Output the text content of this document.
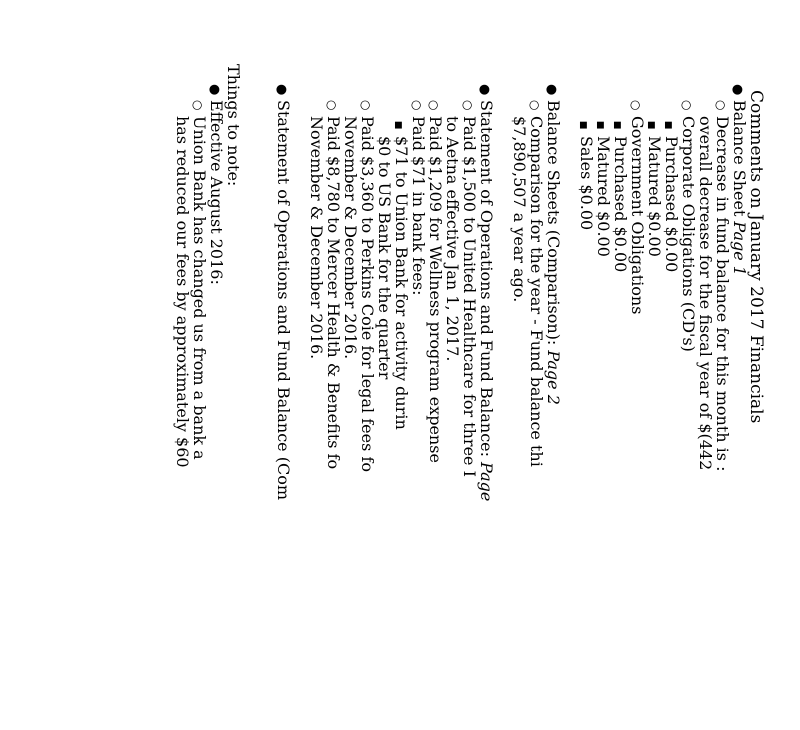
Comments on January 2017 Financials
●
Balance Sheet
Page 1
○
Decrease in fund balance for this month is :
overall decrease for the fiscal year of $(442
○
Corporate Obligations (CD's)
■
Purchased $0.00
■
Matured $0.00
○
Government Obligations
■
Purchased $0.00
■
Matured $0.00
■
Sales $0.00
●
Balance Sheets (Comparison):
Page 2
○
Comparison for the year - Fund balance thi
$7,890,507 a year ago.
●
Statement of Operations and Fund Balance:
Page
○
Paid $1,500 to United Healthcare for three I
to Aetna effective Jan 1, 2017.
○
Paid $1,209 for Wellness program expense
○
Paid $71 in bank fees:
■
$71 to Union Bank for activity durin
$0 to US Bank for the quarter
○
Paid $3,360 to Perkins Coie for legal fees fo
November & December 2016.
○
Paid $8,780 to Mercer Health & Benefits fo
November & December 2016.
●
Statement of Operations and Fund Balance (Com
Things to note:
●
Effective August 2016:
○
Union Bank has changed us from a bank a
has reduced our fees by approximately $60
